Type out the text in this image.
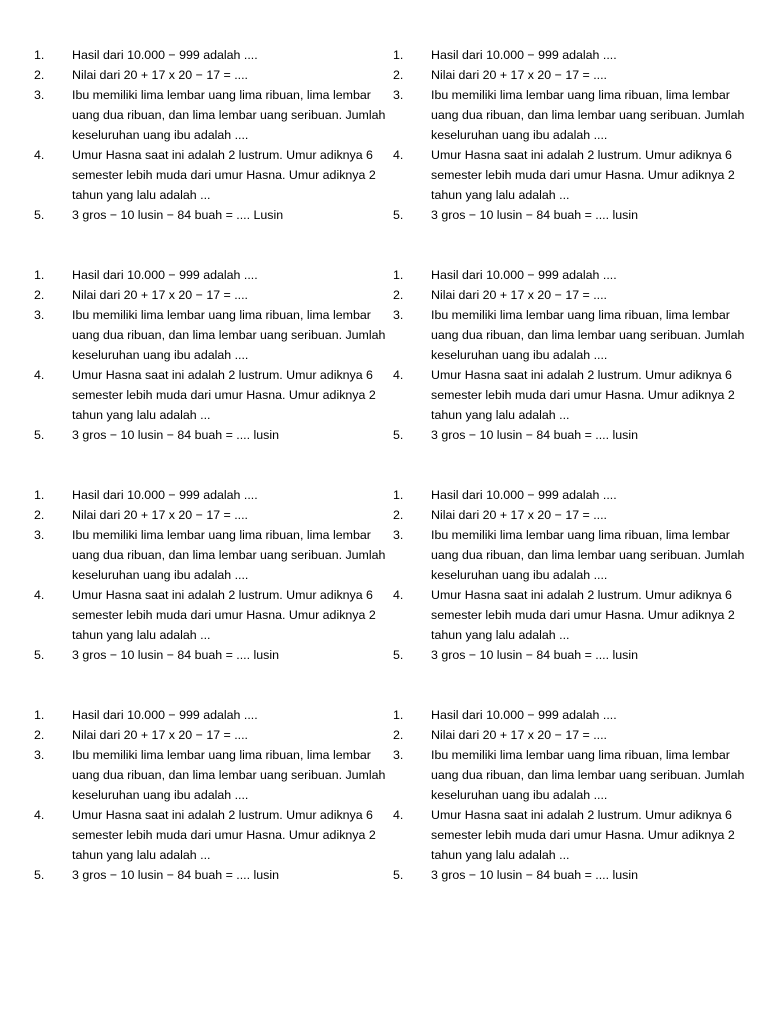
1.	Hasil dari 10.000 − 999 adalah ....
2.	Nilai dari 20 + 17 x 20 − 17 = ....
3.	Ibu memiliki lima lembar uang lima ribuan, lima lembar uang dua ribuan, dan lima lembar uang seribuan. Jumlah keseluruhan uang ibu adalah ....
4.	Umur Hasna saat ini adalah 2 lustrum. Umur adiknya 6 semester lebih muda dari umur Hasna. Umur adiknya 2 tahun yang lalu adalah ...
5.	3 gros − 10 lusin − 84 buah = .... Lusin
1.	Hasil dari 10.000 − 999 adalah ....
2.	Nilai dari 20 + 17 x 20 − 17 = ....
3.	Ibu memiliki lima lembar uang lima ribuan, lima lembar uang dua ribuan, dan lima lembar uang seribuan. Jumlah keseluruhan uang ibu adalah ....
4.	Umur Hasna saat ini adalah 2 lustrum. Umur adiknya 6 semester lebih muda dari umur Hasna. Umur adiknya 2 tahun yang lalu adalah ...
5.	3 gros − 10 lusin − 84 buah = .... lusin
1.	Hasil dari 10.000 − 999 adalah ....
2.	Nilai dari 20 + 17 x 20 − 17 = ....
3.	Ibu memiliki lima lembar uang lima ribuan, lima lembar uang dua ribuan, dan lima lembar uang seribuan. Jumlah keseluruhan uang ibu adalah ....
4.	Umur Hasna saat ini adalah 2 lustrum. Umur adiknya 6 semester lebih muda dari umur Hasna. Umur adiknya 2 tahun yang lalu adalah ...
5.	3 gros − 10 lusin − 84 buah = .... lusin
1.	Hasil dari 10.000 − 999 adalah ....
2.	Nilai dari 20 + 17 x 20 − 17 = ....
3.	Ibu memiliki lima lembar uang lima ribuan, lima lembar uang dua ribuan, dan lima lembar uang seribuan. Jumlah keseluruhan uang ibu adalah ....
4.	Umur Hasna saat ini adalah 2 lustrum. Umur adiknya 6 semester lebih muda dari umur Hasna. Umur adiknya 2 tahun yang lalu adalah ...
5.	3 gros − 10 lusin − 84 buah = .... lusin
1.	Hasil dari 10.000 − 999 adalah ....
2.	Nilai dari 20 + 17 x 20 − 17 = ....
3.	Ibu memiliki lima lembar uang lima ribuan, lima lembar uang dua ribuan, dan lima lembar uang seribuan. Jumlah keseluruhan uang ibu adalah ....
4.	Umur Hasna saat ini adalah 2 lustrum. Umur adiknya 6 semester lebih muda dari umur Hasna. Umur adiknya 2 tahun yang lalu adalah ...
5.	3 gros − 10 lusin − 84 buah = .... lusin
1.	Hasil dari 10.000 − 999 adalah ....
2.	Nilai dari 20 + 17 x 20 − 17 = ....
3.	Ibu memiliki lima lembar uang lima ribuan, lima lembar uang dua ribuan, dan lima lembar uang seribuan. Jumlah keseluruhan uang ibu adalah ....
4.	Umur Hasna saat ini adalah 2 lustrum. Umur adiknya 6 semester lebih muda dari umur Hasna. Umur adiknya 2 tahun yang lalu adalah ...
5.	3 gros − 10 lusin − 84 buah = .... lusin
1.	Hasil dari 10.000 − 999 adalah ....
2.	Nilai dari 20 + 17 x 20 − 17 = ....
3.	Ibu memiliki lima lembar uang lima ribuan, lima lembar uang dua ribuan, dan lima lembar uang seribuan. Jumlah keseluruhan uang ibu adalah ....
4.	Umur Hasna saat ini adalah 2 lustrum. Umur adiknya 6 semester lebih muda dari umur Hasna. Umur adiknya 2 tahun yang lalu adalah ...
5.	3 gros − 10 lusin − 84 buah = .... lusin
1.	Hasil dari 10.000 − 999 adalah ....
2.	Nilai dari 20 + 17 x 20 − 17 = ....
3.	Ibu memiliki lima lembar uang lima ribuan, lima lembar uang dua ribuan, dan lima lembar uang seribuan. Jumlah keseluruhan uang ibu adalah ....
4.	Umur Hasna saat ini adalah 2 lustrum. Umur adiknya 6 semester lebih muda dari umur Hasna. Umur adiknya 2 tahun yang lalu adalah ...
5.	3 gros − 10 lusin − 84 buah = .... lusin
